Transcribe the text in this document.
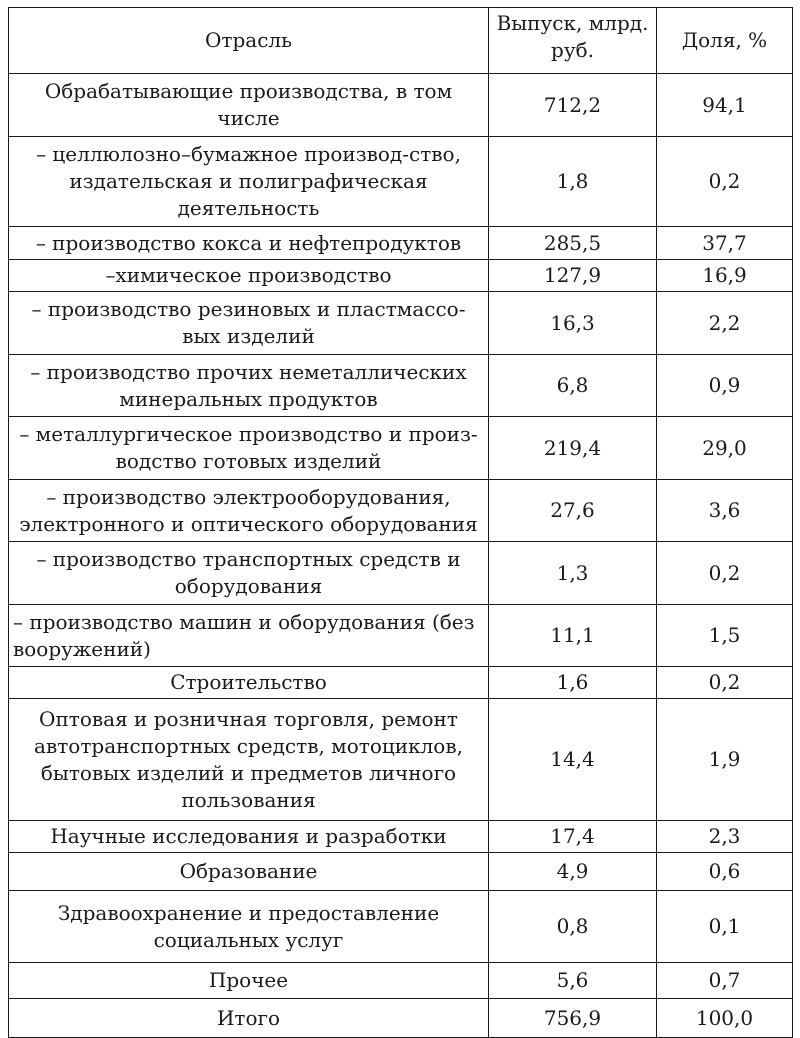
Отрасль	Выпуск, млрд. руб.	Доля, %
Обрабатывающие производства, в том числе	712,2	94,1
– целлюлозно–бумажное производ-ство, издательская и полиграфическая деятельность	1,8	0,2
– производство кокса и нефтепродуктов	285,5	37,7
–химическое производство	127,9	16,9
– производство резиновых и пластмассо-вых изделий	16,3	2,2
– производство прочих неметаллических минеральных продуктов	6,8	0,9
– металлургическое производство и произ-водство готовых изделий	219,4	29,0
– производство электрооборудования, электронного и оптического оборудования	27,6	3,6
– производство транспортных средств и оборудования	1,3	0,2
– производство машин и оборудования (без вооружений)	11,1	1,5
Строительство	1,6	0,2
Оптовая и розничная торговля, ремонт автотранспортных средств, мотоциклов, бытовых изделий и предметов личного пользования	14,4	1,9
Научные исследования и разработки	17,4	2,3
Образование	4,9	0,6
Здравоохранение и предоставление социальных услуг	0,8	0,1
Прочее	5,6	0,7
Итого	756,9	100,0
